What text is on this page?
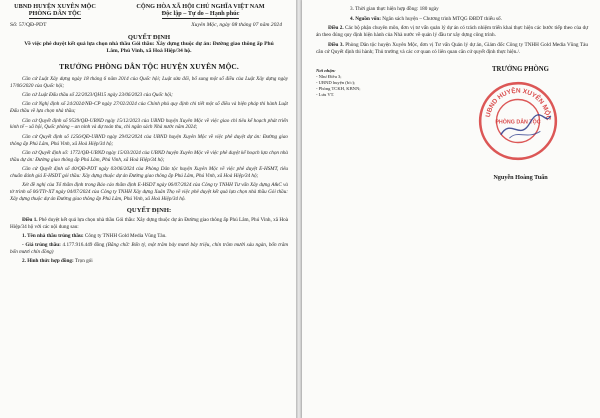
UBND HUYỆN XUYÊN MỘC
PHÒNG DÂN TỘC
CỘNG HÒA XÃ HỘI CHỦ NGHĨA VIỆT NAM
Độc lập – Tự do – Hạnh phúc
Số: 57/QĐ-PDT	Xuyên Mộc, ngày 08 tháng 07 năm 2024
QUYẾT ĐỊNH
Về việc phê duyệt kết quả lựa chọn nhà thầu Gói thầu: Xây dựng thuộc dự án: Đường giao thông ấp Phú Lâm, Phú Vinh, xã Hoà Hiệp/34 hộ.
TRƯỞNG PHÒNG DÂN TỘC HUYỆN XUYÊN MỘC.

Căn cứ Luật Xây dựng ngày 18 tháng 6 năm 2014 của Quốc hội; Luật sửa đổi, bổ sung một số điều của Luật Xây dựng ngày 17/06/2020 của Quốc hội;

Căn cứ Luật Đấu thầu số 22/2023/QH15 ngày 23/06/2023 của Quốc hội;

Căn cứ Nghị định số 24/2024/NĐ-CP ngày 27/02/2024 của Chính phủ quy định chi tiết một số điều và biện pháp thi hành Luật Đấu thầu về lựa chọn nhà thầu;

Căn cứ Quyết định số 9539/QĐ-UBND ngày 15/12/2023 của UBND huyện Xuyên Mộc về việc giao chỉ tiêu kế hoạch phát triển kinh tế – xã hội, Quốc phòng – an ninh và dự toán thu, chi ngân sách Nhà nước năm 2024;

Căn cứ Quyết định số 1256/QĐ-UBND ngày 29/02/2024 của UBND huyện Xuyên Mộc về việc phê duyệt dự án: Đường giao thông ấp Phú Lâm, Phú Vinh, xã Hoà Hiệp/34 hộ;

Căn cứ Quyết định số: 1772/QĐ-UBND ngày 15/03/2024 của UBND huyện Xuyên Mộc về việc phê duyệt kế hoạch lựa chọn nhà thầu dự án: Đường giao thông ấp Phú Lâm, Phú Vinh, xã Hoà Hiệp/34 hộ;

Căn cứ Quyết định số 40/QĐ-PDT ngày 03/06/2024 của Phòng Dân tộc huyện Xuyên Mộc về việc phê duyệt E-HSMT, tiêu chuẩn đánh giá E-HSDT gói thầu: Xây dựng thuộc dự án Đường giao thông ấp Phú Lâm, Phú Vinh, xã Hoà Hiệp/34 hộ;

Xét đề nghị của Tổ thẩm định trong Báo cáo thẩm định E-HSDT ngày 06/07/2024 của Công ty TNHH Tư vấn Xây dựng A&C và tờ trình số 06/TTr-XT ngày 04/07/2024 của Công ty TNHH Xây dựng Xuân Thọ về việc phê duyệt kết quả lựa chọn nhà thầu Gói thầu: Xây dựng thuộc dự án Đường giao thông ấp Phú Lâm, Phú Vinh, xã Hoà Hiệp/34 hộ.

QUYẾT ĐỊNH:

Điều 1. Phê duyệt kết quả lựa chọn nhà thầu Gói thầu: Xây dựng thuộc dự án Đường giao thông ấp Phú Lâm, Phú Vinh, xã Hoà Hiệp/34 hộ với các nội dung sau:

1. Tên nhà thầu trúng thầu: Công ty TNHH Gold Media Vũng Tàu.

- Giá trúng thầu: 4.177.916.449 đồng (Bằng chữ: Bốn tỷ, một trăm bảy mươi bảy triệu, chín trăm mười sáu ngàn, bốn trăm bốn mươi chín đồng)

2. Hình thức hợp đồng: Trọn gói

3. Thời gian thực hiện hợp đồng: 180 ngày

4. Nguồn vốn: Ngân sách huyện – Chương trình MTQG ĐBDT thiểu số.

Điều 2. Các bộ phận chuyên môn, đơn vị tư vấn quản lý dự án có trách nhiệm triển khai thực hiện các bước tiếp theo của dự án theo đúng quy định hiện hành của Nhà nước về quản lý đầu tư xây dựng công trình.

Điều 3. Phòng Dân tộc huyện Xuyên Mộc, đơn vị Tư vấn Quản lý dự án, Giám đốc Công ty TNHH Gold Media Vũng Tàu căn cứ Quyết định thi hành; Thủ trưởng và các cơ quan có liên quan căn cứ quyết định thực hiện./.

Nơi nhận:
- Như Điều 3;
- UBND huyện (b/c);
- Phòng TCKH, KBNN;
- Lưu VT.
TRƯỞNG PHÒNG
UBND HUYỆN XUYÊN MỘC
PHÒNG DÂN TỘC
Nguyễn Hoàng Tuấn
